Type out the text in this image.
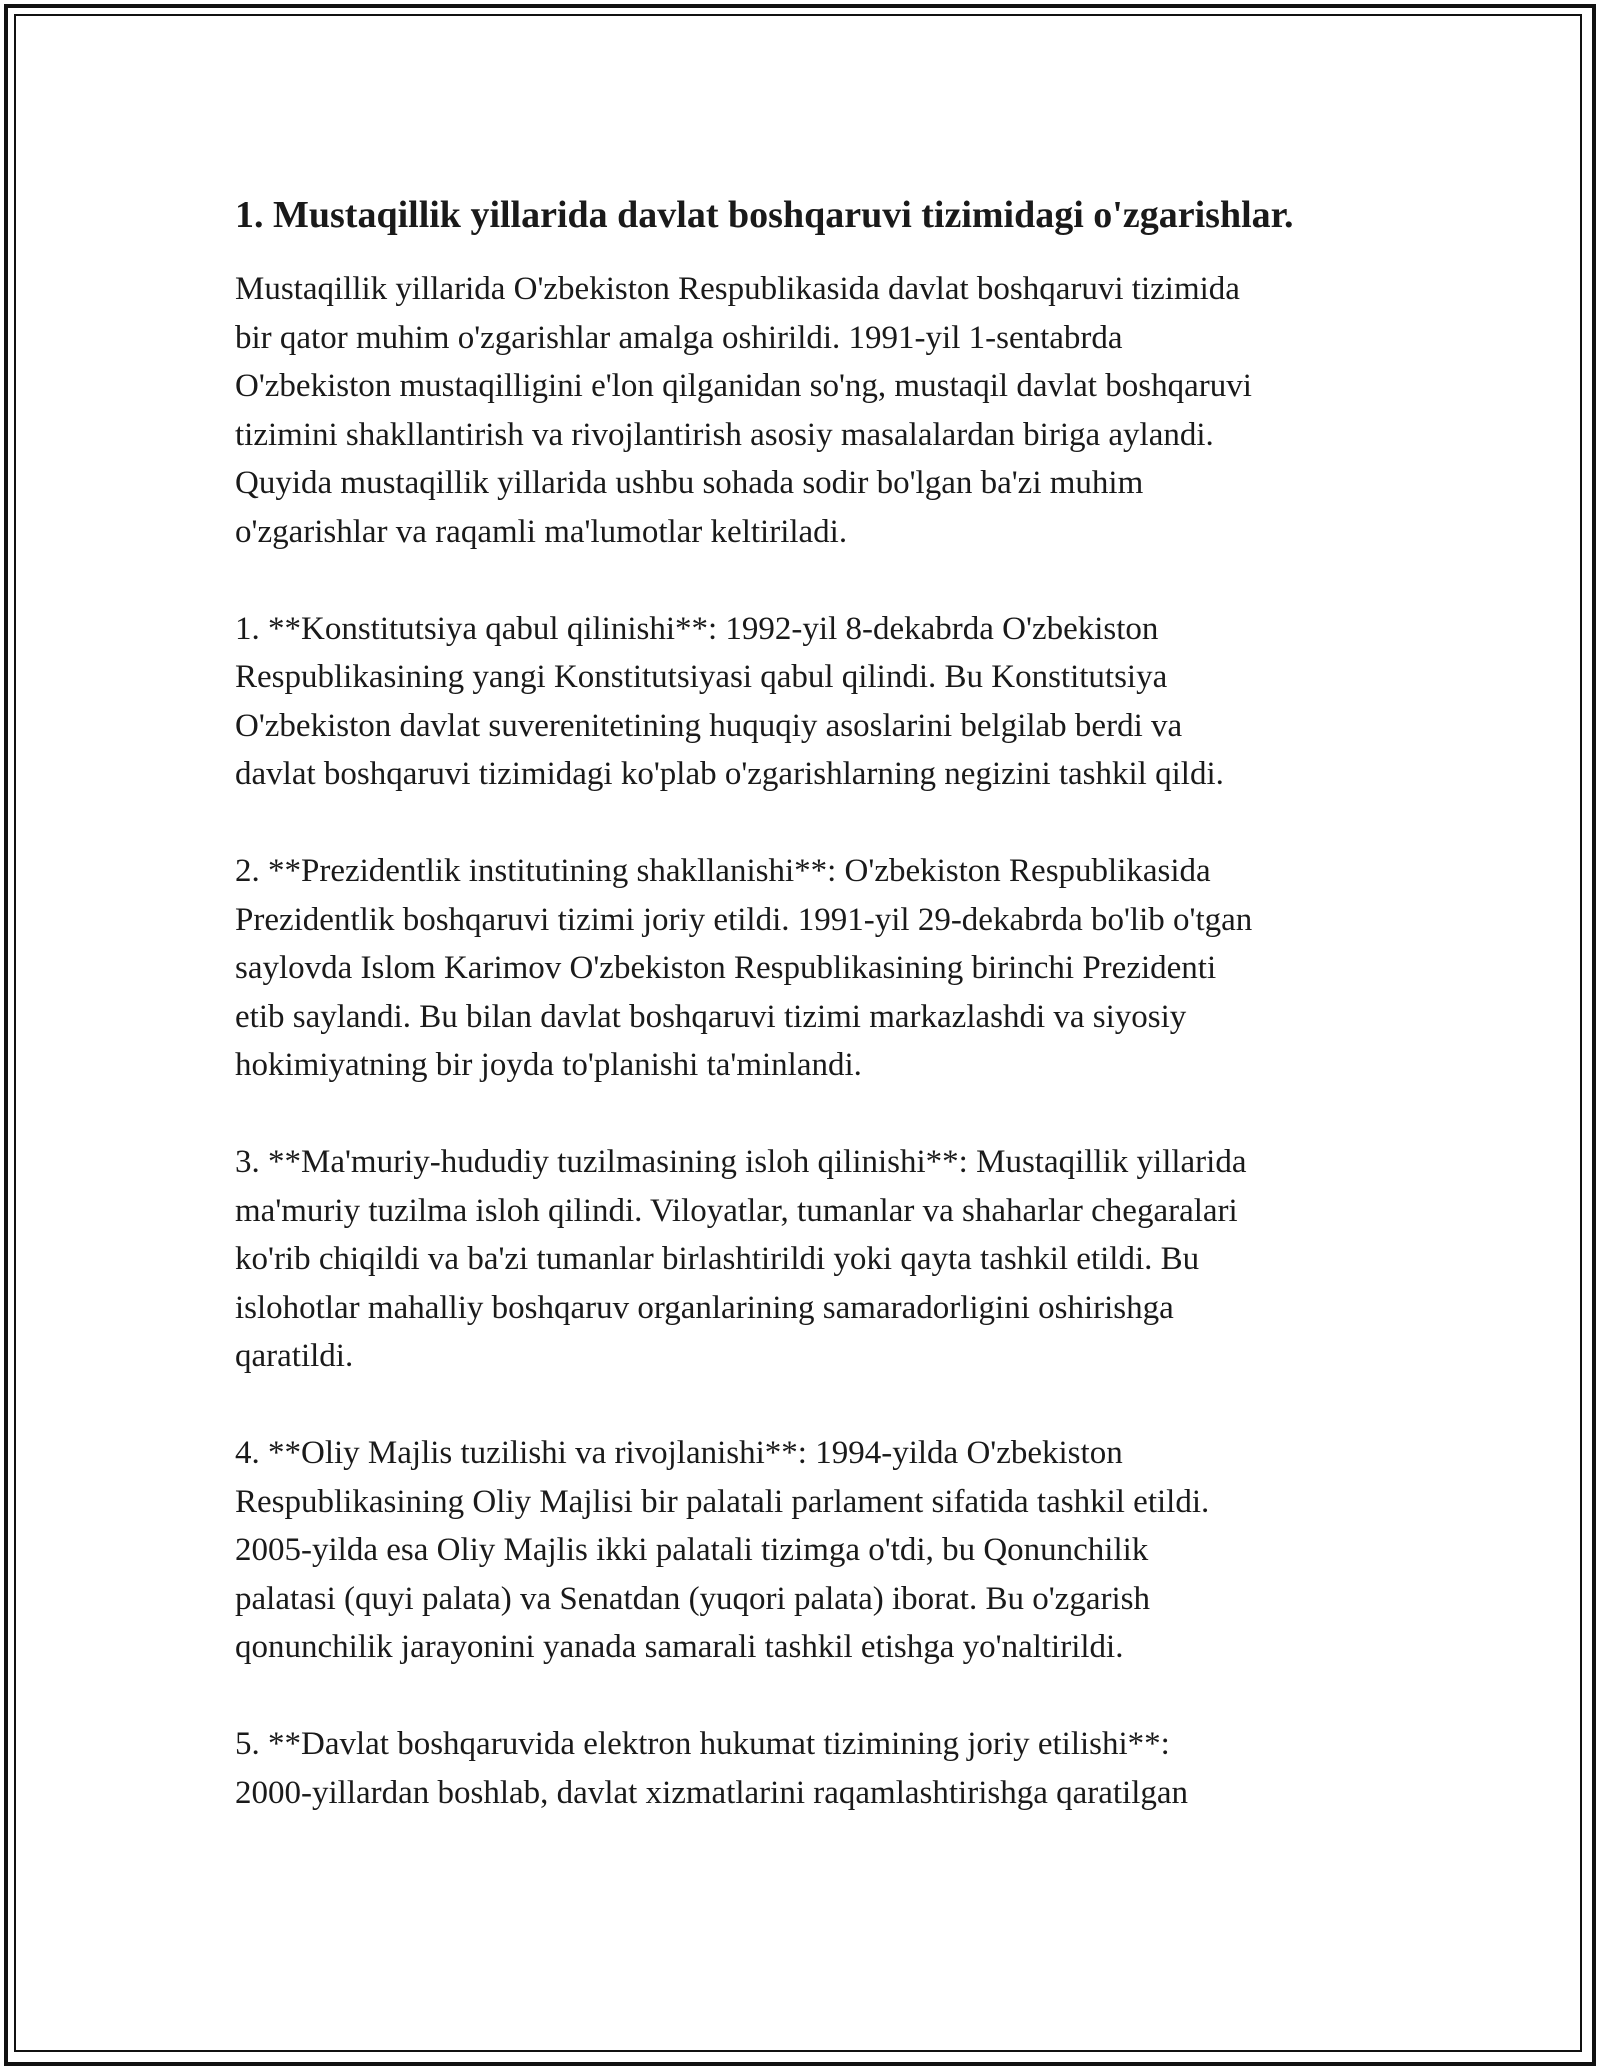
1. Mustaqillik yillarida davlat boshqaruvi tizimidagi o'zgarishlar.

Mustaqillik yillarida O'zbekiston Respublikasida davlat boshqaruvi tizimida
bir qator muhim o'zgarishlar amalga oshirildi. 1991-yil 1-sentabrda
O'zbekiston mustaqilligini e'lon qilganidan so'ng, mustaqil davlat boshqaruvi
tizimini shakllantirish va rivojlantirish asosiy masalalardan biriga aylandi.
Quyida mustaqillik yillarida ushbu sohada sodir bo'lgan ba'zi muhim
o'zgarishlar va raqamli ma'lumotlar keltiriladi.

1. **Konstitutsiya qabul qilinishi**: 1992-yil 8-dekabrda O'zbekiston
Respublikasining yangi Konstitutsiyasi qabul qilindi. Bu Konstitutsiya
O'zbekiston davlat suverenitetining huquqiy asoslarini belgilab berdi va
davlat boshqaruvi tizimidagi ko'plab o'zgarishlarning negizini tashkil qildi.

2. **Prezidentlik institutining shakllanishi**: O'zbekiston Respublikasida
Prezidentlik boshqaruvi tizimi joriy etildi. 1991-yil 29-dekabrda bo'lib o'tgan
saylovda Islom Karimov O'zbekiston Respublikasining birinchi Prezidenti
etib saylandi. Bu bilan davlat boshqaruvi tizimi markazlashdi va siyosiy
hokimiyatning bir joyda to'planishi ta'minlandi.

3. **Ma'muriy-hududiy tuzilmasining isloh qilinishi**: Mustaqillik yillarida
ma'muriy tuzilma isloh qilindi. Viloyatlar, tumanlar va shaharlar chegaralari
ko'rib chiqildi va ba'zi tumanlar birlashtirildi yoki qayta tashkil etildi. Bu
islohotlar mahalliy boshqaruv organlarining samaradorligini oshirishga
qaratildi.

4. **Oliy Majlis tuzilishi va rivojlanishi**: 1994-yilda O'zbekiston
Respublikasining Oliy Majlisi bir palatali parlament sifatida tashkil etildi.
2005-yilda esa Oliy Majlis ikki palatali tizimga o'tdi, bu Qonunchilik
palatasi (quyi palata) va Senatdan (yuqori palata) iborat. Bu o'zgarish
qonunchilik jarayonini yanada samarali tashkil etishga yo'naltirildi.

5. **Davlat boshqaruvida elektron hukumat tizimining joriy etilishi**:
2000-yillardan boshlab, davlat xizmatlarini raqamlashtirishga qaratilgan
